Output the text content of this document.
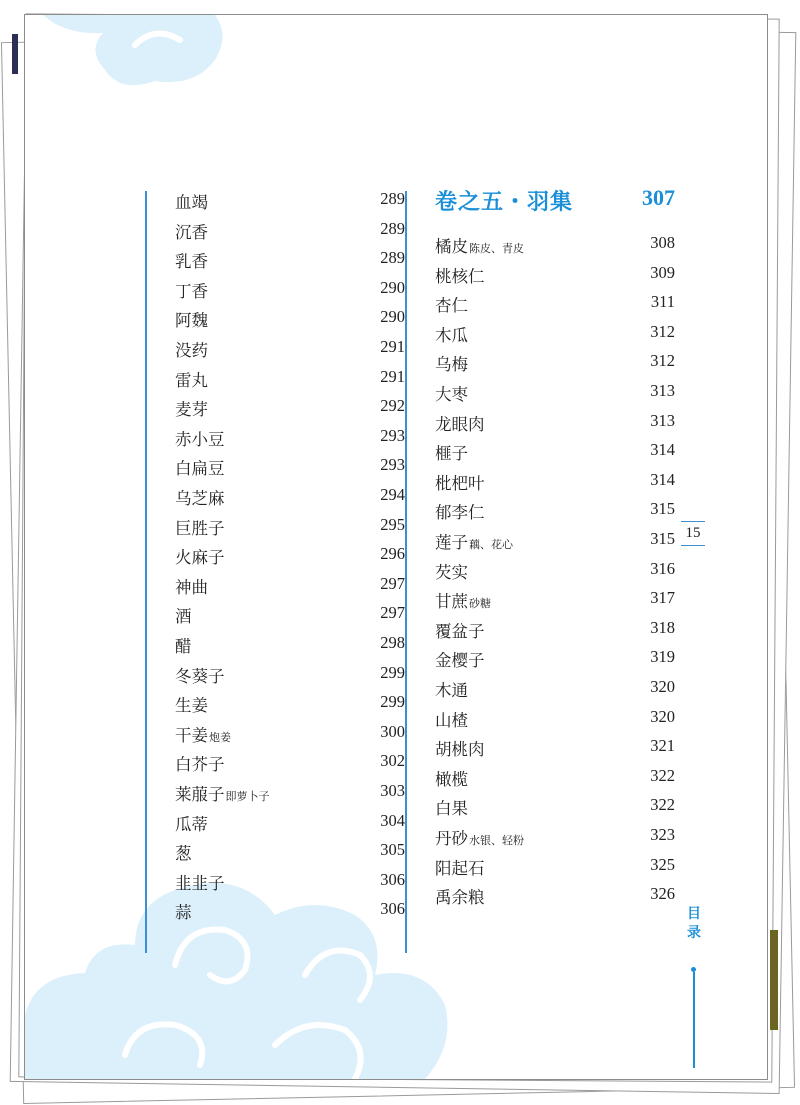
血竭	289
沉香	289
乳香	289
丁香	290
阿魏	290
没药	291
雷丸	291
麦芽	292
赤小豆	293
白扁豆	293
乌芝麻	294
巨胜子	295
火麻子	296
神曲	297
酒	297
醋	298
冬葵子	299
生姜	299
干姜炮姜	300
白芥子	302
莱菔子即萝卜子	303
瓜蒂	304
葱	305
韭韭子	306
蒜	306
卷之五・羽集	307
橘皮陈皮、青皮	308
桃核仁	309
杏仁	311
木瓜	312
乌梅	312
大枣	313
龙眼肉	313
榧子	314
枇杷叶	314
郁李仁	315
莲子藕、花心	315
芡实	316
甘蔗砂糖	317
覆盆子	318
金樱子	319
木通	320
山楂	320
胡桃肉	321
橄榄	322
白果	322
丹砂水银、轻粉	323
阳起石	325
禹余粮	326
15
目录
